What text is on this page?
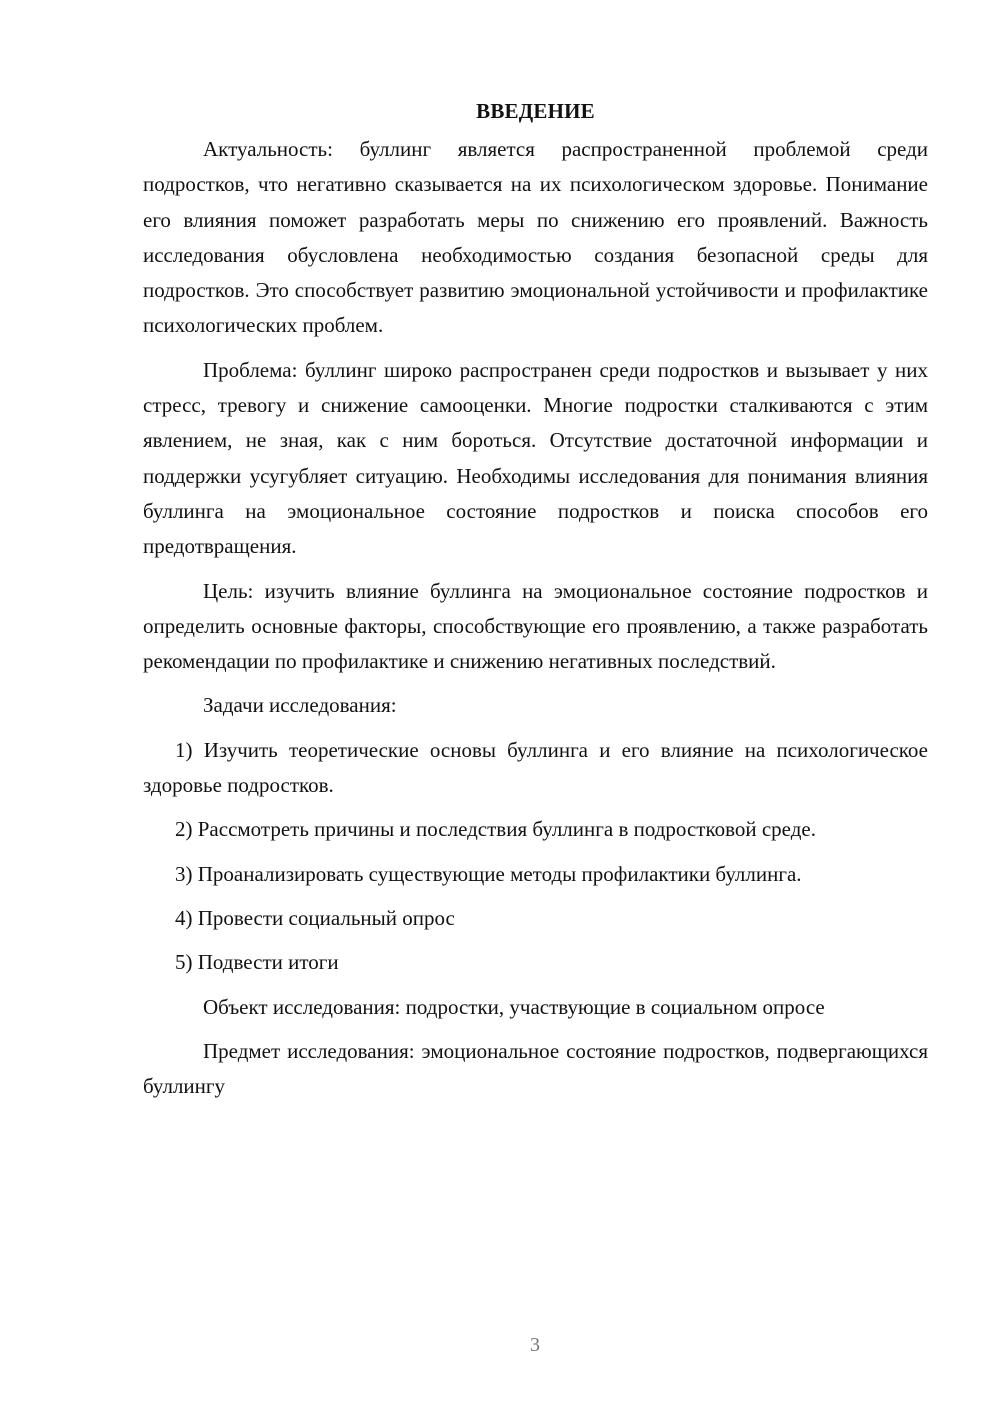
ВВЕДЕНИЕ

Актуальность: буллинг является распространенной проблемой среди подростков, что негативно сказывается на их психологическом здоровье. Понимание его влияния поможет разработать меры по снижению его проявлений. Важность исследования обусловлена необходимостью создания безопасной среды для подростков. Это способствует развитию эмоциональной устойчивости и профилактике психологических проблем.

Проблема: буллинг широко распространен среди подростков и вызывает у них стресс, тревогу и снижение самооценки. Многие подростки сталкиваются с этим явлением, не зная, как с ним бороться. Отсутствие достаточной информации и поддержки усугубляет ситуацию. Необходимы исследования для понимания влияния буллинга на эмоциональное состояние подростков и поиска способов его предотвращения.

Цель: изучить влияние буллинга на эмоциональное состояние подростков и определить основные факторы, способствующие его проявлению, а также разработать рекомендации по профилактике и снижению негативных последствий.

Задачи исследования:

1) Изучить теоретические основы буллинга и его влияние на психологическое здоровье подростков.

2) Рассмотреть причины и последствия буллинга в подростковой среде.

3) Проанализировать существующие методы профилактики буллинга.

4) Провести социальный опрос

5) Подвести итоги

Объект исследования: подростки, участвующие в социальном опросе

Предмет исследования: эмоциональное состояние подростков, подвергающихся буллингу

3
